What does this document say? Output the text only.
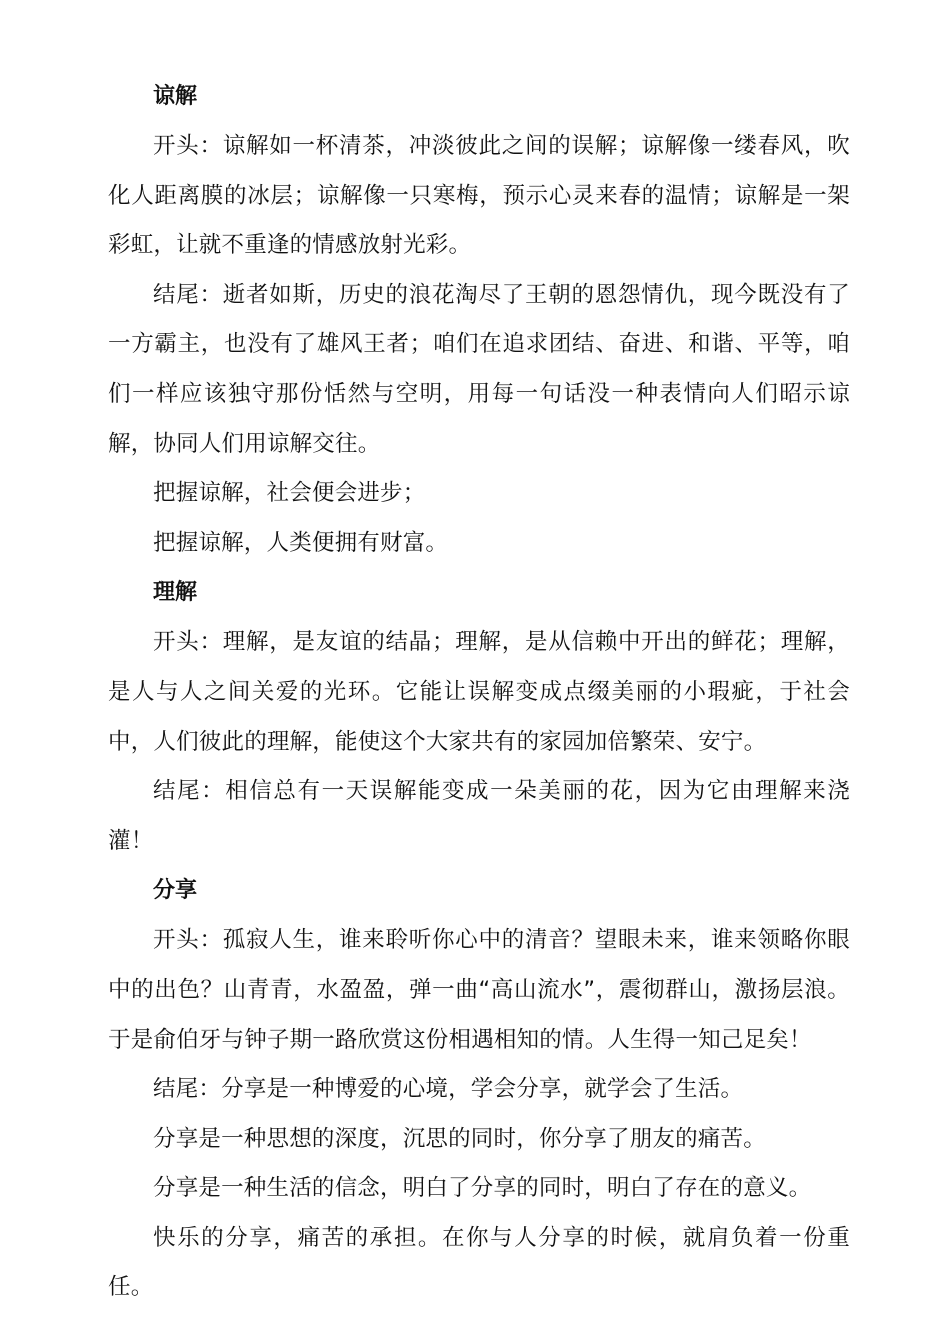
谅解

开头：谅解如一杯清茶，冲淡彼此之间的误解；谅解像一缕春风，吹化人距离膜的冰层；谅解像一只寒梅，预示心灵来春的温情；谅解是一架彩虹，让就不重逢的情感放射光彩。

结尾：逝者如斯，历史的浪花淘尽了王朝的恩怨情仇，现今既没有了一方霸主，也没有了雄风王者；咱们在追求团结、奋进、和谐、平等，咱们一样应该独守那份恬然与空明，用每一句话没一种表情向人们昭示谅解，协同人们用谅解交往。

把握谅解，社会便会进步；

把握谅解，人类便拥有财富。

理解

开头：理解，是友谊的结晶；理解，是从信赖中开出的鲜花；理解，是人与人之间关爱的光环。它能让误解变成点缀美丽的小瑕疵，于社会中，人们彼此的理解，能使这个大家共有的家园加倍繁荣、安宁。

结尾：相信总有一天误解能变成一朵美丽的花，因为它由理解来浇灌！

分享

开头：孤寂人生，谁来聆听你心中的清音？望眼未来，谁来领略你眼中的出色？山青青，水盈盈，弹一曲“高山流水”，震彻群山，激扬层浪。于是俞伯牙与钟子期一路欣赏这份相遇相知的情。人生得一知己足矣！

结尾：分享是一种博爱的心境，学会分享，就学会了生活。

分享是一种思想的深度，沉思的同时，你分享了朋友的痛苦。

分享是一种生活的信念，明白了分享的同时，明白了存在的意义。

快乐的分享，痛苦的承担。在你与人分享的时候，就肩负着一份重任。
